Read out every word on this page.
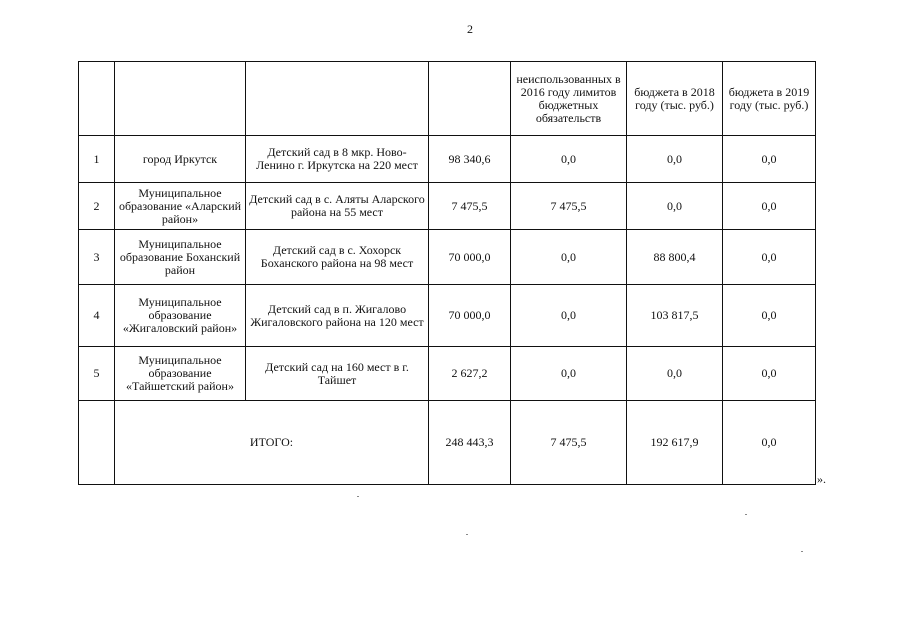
2
				неиспользованных в 2016 году лимитов бюджетных обязательств	бюджета в 2018 году (тыс. руб.)	бюджета в 2019 году (тыс. руб.)
1	город Иркутск	Детский сад в 8 мкр. Ново-Ленино г. Иркутска на 220 мест	98 340,6	0,0	0,0	0,0
2	Муниципальное образование «Аларский район»	Детский сад в с. Аляты Аларского района на 55 мест	7 475,5	7 475,5	0,0	0,0
3	Муниципальное образование Боханский район	Детский сад в с. Хохорск Боханского района на 98 мест	70 000,0	0,0	88 800,4	0,0
4	Муниципальное образование «Жигаловский район»	Детский сад в п. Жигалово Жигаловского района на 120 мест	70 000,0	0,0	103 817,5	0,0
5	Муниципальное образование «Тайшетский район»	Детский сад на 160 мест в г. Тайшет	2 627,2	0,0	0,0	0,0
	ИТОГО:		248 443,3	7 475,5	192 617,9	0,0
».
